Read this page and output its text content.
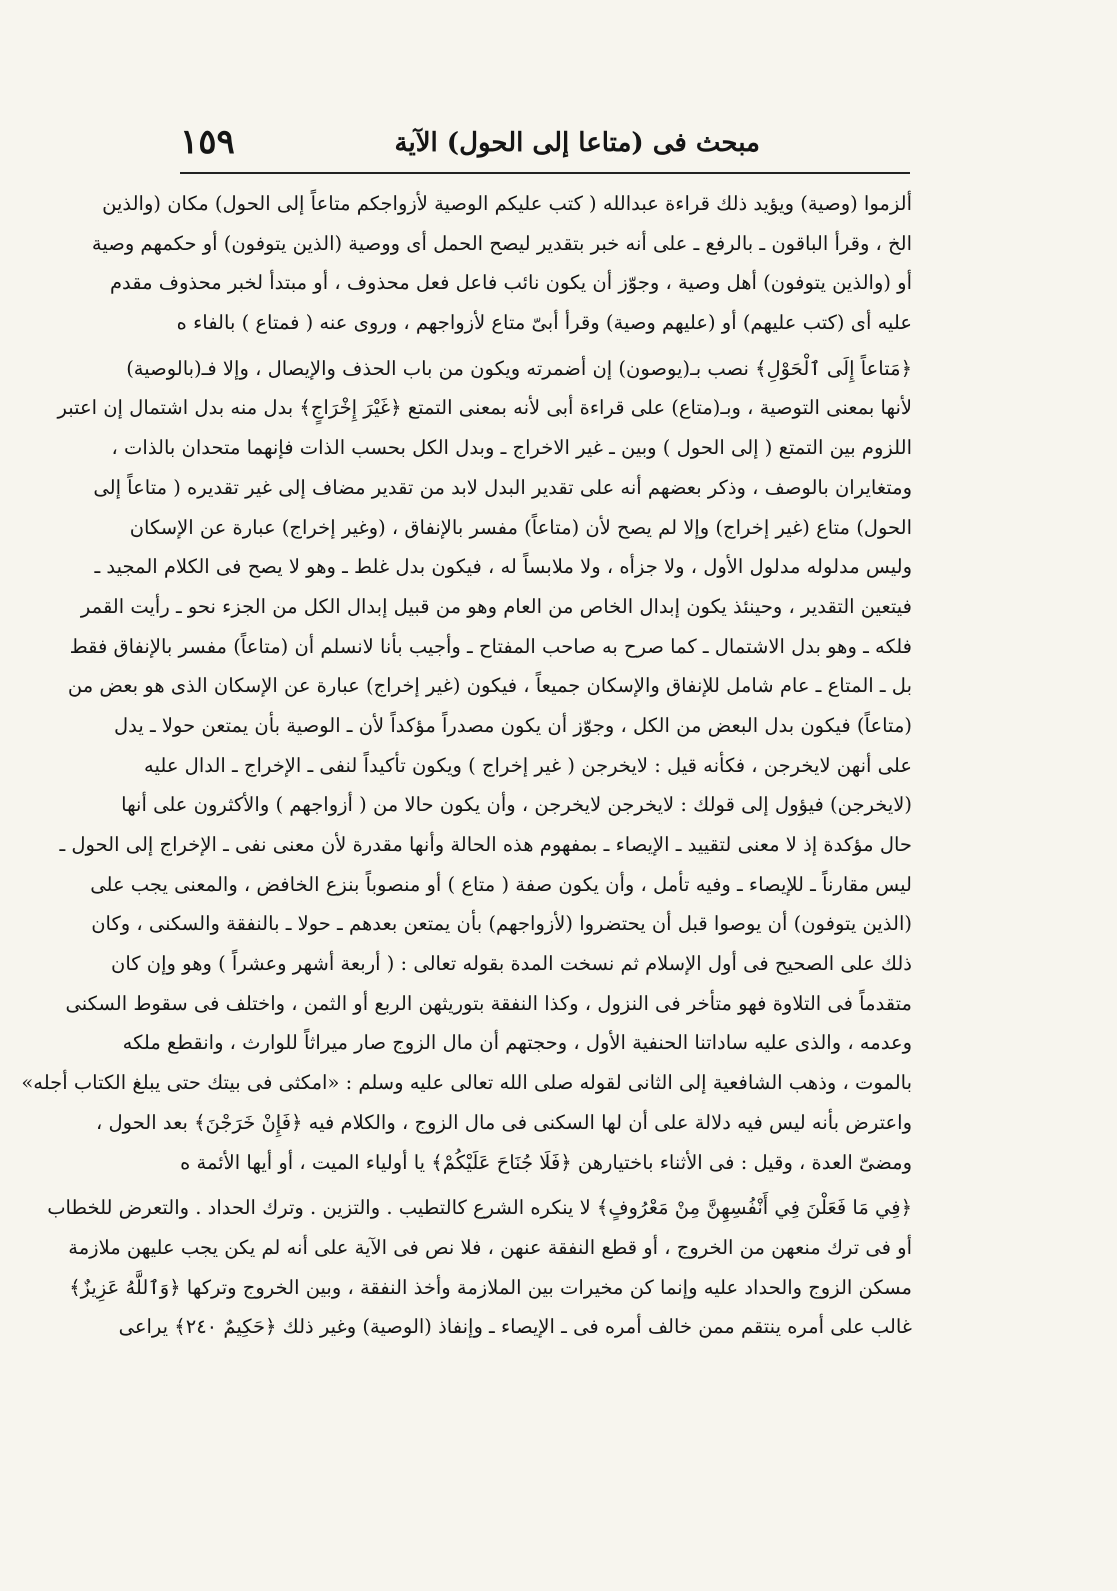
مبحث فى (متاعا إلى الحول) الآية
١٥٩
ألزموا (وصية) ويؤيد ذلك قراءة عبدالله ( كتب عليكم الوصية لأزواجكم متاعاً إلى الحول) مكان (والذين
الخ ، وقرأ الباقون ـ بالرفع ـ على أنه خبر بتقدير ليصح الحمل أى ووصية (الذين يتوفون) أو حكمهم وصية
أو (والذين يتوفون) أهل وصية ، وجوّز أن يكون نائب فاعل فعل محذوف ، أو مبتدأ لخبر محذوف مقدم
عليه أى (كتب عليهم) أو (عليهم وصية) وقرأ أبىّ متاع لأزواجهم ، وروى عنه ( فمتاع ) بالفاء ه
﴿مَتاعاً إِلَى ٱلْحَوْلِ﴾ نصب بـ(يوصون) إن أضمرته ويكون من باب الحذف والإيصال ، وإلا فـ(بالوصية)
لأنها بمعنى التوصية ، وبـ(متاع) على قراءة أبى لأنه بمعنى التمتع ﴿غَيْرَ إِخْرَاجٍ﴾ بدل منه بدل اشتمال إن اعتبر
اللزوم بين التمتع ( إلى الحول ) وبين ـ غير الاخراج ـ وبدل الكل بحسب الذات فإنهما متحدان بالذات ،
ومتغايران بالوصف ، وذكر بعضهم أنه على تقدير البدل لابد من تقدير مضاف إلى غير تقديره ( متاعاً إلى
الحول) متاع (غير إخراج) وإلا لم يصح لأن (متاعاً) مفسر بالإنفاق ، (وغير إخراج) عبارة عن الإسكان
وليس مدلوله مدلول الأول ، ولا جزأه ، ولا ملابساً له ، فيكون بدل غلط ـ وهو لا يصح فى الكلام المجيد ـ
فيتعين التقدير ، وحينئذ يكون إبدال الخاص من العام وهو من قبيل إبدال الكل من الجزء نحو ـ رأيت القمر
فلكه ـ وهو بدل الاشتمال ـ كما صرح به صاحب المفتاح ـ وأجيب بأنا لانسلم أن (متاعاً) مفسر بالإنفاق فقط
بل ـ المتاع ـ عام شامل للإنفاق والإسكان جميعاً ، فيكون (غير إخراج) عبارة عن الإسكان الذى هو بعض من
(متاعاً) فيكون بدل البعض من الكل ، وجوّز أن يكون مصدراً مؤكداً لأن ـ الوصية بأن يمتعن حولا ـ يدل
على أنهن لايخرجن ، فكأنه قيل : لايخرجن ( غير إخراج ) ويكون تأكيداً لنفى ـ الإخراج ـ الدال عليه
(لايخرجن) فيؤول إلى قولك : لايخرجن لايخرجن ، وأن يكون حالا من ( أزواجهم ) والأكثرون على أنها
حال مؤكدة إذ لا معنى لتقييد ـ الإيصاء ـ بمفهوم هذه الحالة وأنها مقدرة لأن معنى نفى ـ الإخراج إلى الحول ـ
ليس مقارناً ـ للإيصاء ـ وفيه تأمل ، وأن يكون صفة ( متاع ) أو منصوباً بنزع الخافض ، والمعنى يجب على
(الذين يتوفون) أن يوصوا قبل أن يحتضروا (لأزواجهم) بأن يمتعن بعدهم ـ حولا ـ بالنفقة والسكنى ، وكان
ذلك على الصحيح فى أول الإسلام ثم نسخت المدة بقوله تعالى : ( أربعة أشهر وعشراً ) وهو وإن كان
متقدماً فى التلاوة فهو متأخر فى النزول ، وكذا النفقة بتوريثهن الربع أو الثمن ، واختلف فى سقوط السكنى
وعدمه ، والذى عليه ساداتنا الحنفية الأول ، وحجتهم أن مال الزوج صار ميراثاً للوارث ، وانقطع ملكه
بالموت ، وذهب الشافعية إلى الثانى لقوله صلى الله تعالى عليه وسلم : «امكثى فى بيتك حتى يبلغ الكتاب أجله»
واعترض بأنه ليس فيه دلالة على أن لها السكنى فى مال الزوج ، والكلام فيه ﴿فَإِنْ خَرَجْنَ﴾ بعد الحول ،
ومضىّ العدة ، وقيل : فى الأثناء باختيارهن ﴿فَلَا جُنَاحَ عَلَيْكُمْ﴾ يا أولياء الميت ، أو أيها الأئمة ه
﴿فِي مَا فَعَلْنَ فِي أَنْفُسِهِنَّ مِنْ مَعْرُوفٍ﴾ لا ينكره الشرع كالتطيب . والتزين . وترك الحداد . والتعرض للخطاب
أو فى ترك منعهن من الخروج ، أو قطع النفقة عنهن ، فلا نص فى الآية على أنه لم يكن يجب عليهن ملازمة
مسكن الزوج والحداد عليه وإنما كن مخيرات بين الملازمة وأخذ النفقة ، وبين الخروج وتركها ﴿وَٱللَّهُ عَزِيزٌ﴾
غالب على أمره ينتقم ممن خالف أمره فى ـ الإيصاء ـ وإنفاذ (الوصية) وغير ذلك ﴿حَكِيمٌ ٢٤٠﴾ يراعى
